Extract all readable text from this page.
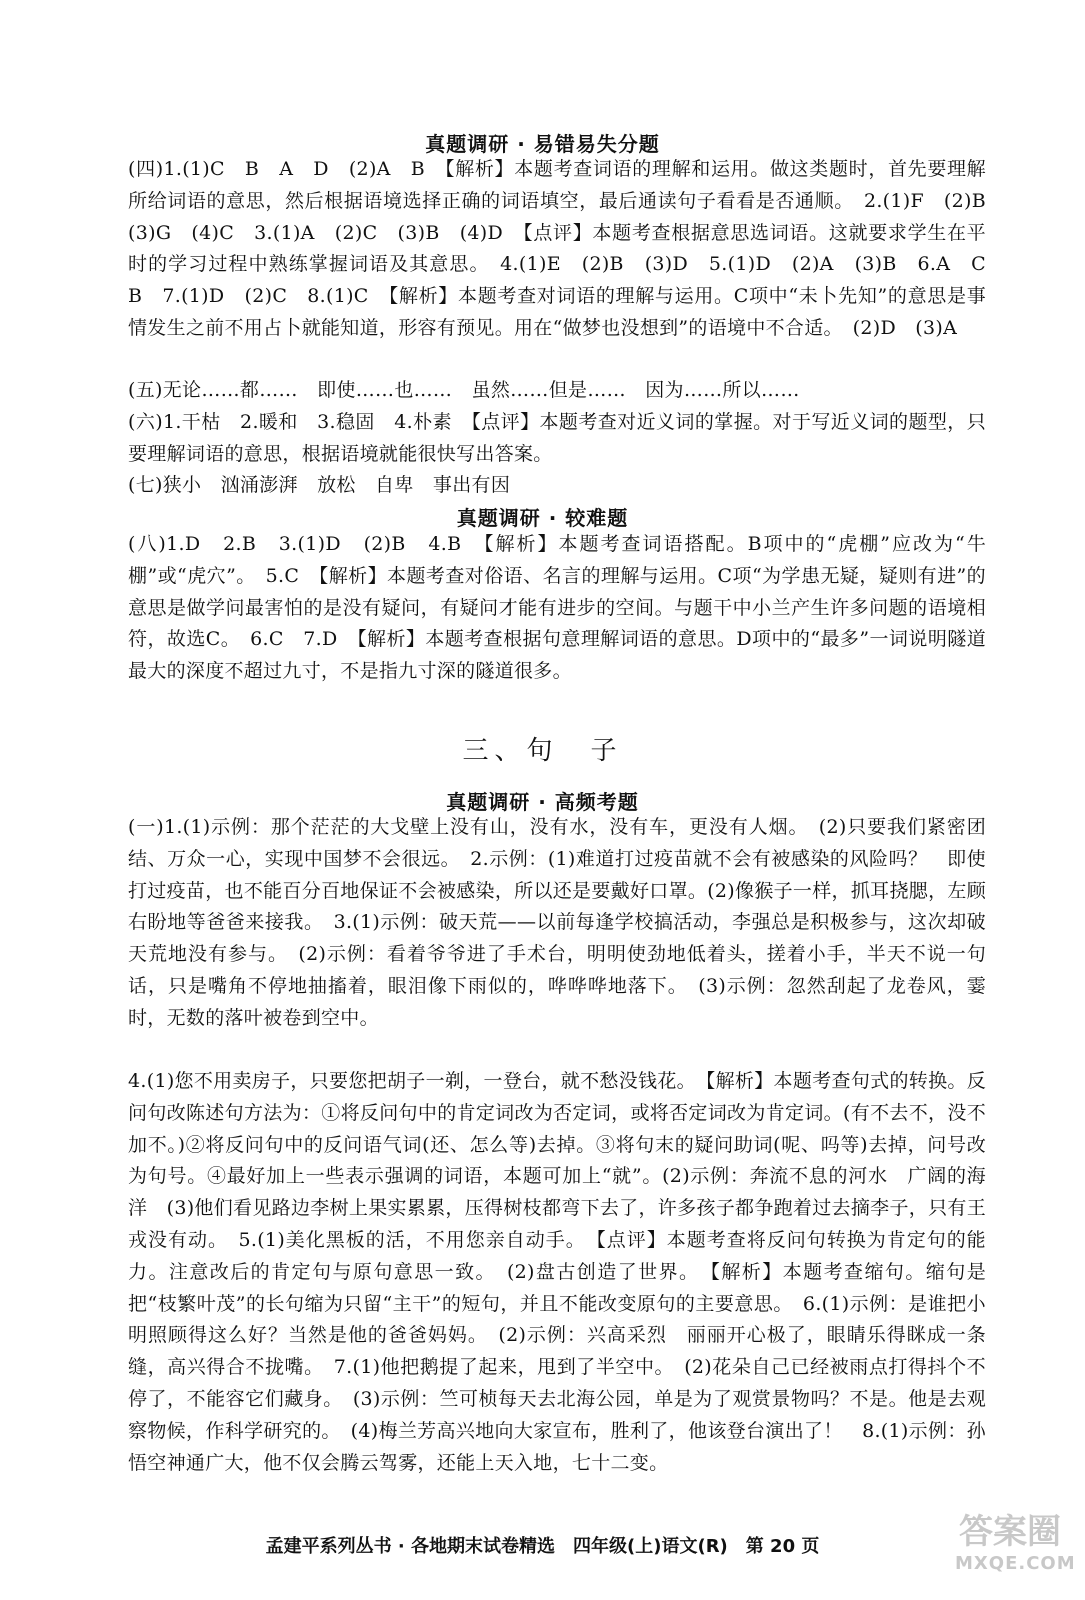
真题调研 · 易错易失分题
(四)1.(1)C　B　A　D　(2)A　B　【解析】本题考查词语的理解和运用。做这类题时，首先要理解所给词语的意思，然后根据语境选择正确的词语填空，最后通读句子看看是否通顺。　2.(1)F　(2)B　(3)G　(4)C　3.(1)A　(2)C　(3)B　(4)D　【点评】本题考查根据意思选词语。这就要求学生在平时的学习过程中熟练掌握词语及其意思。　4.(1)E　(2)B　(3)D　5.(1)D　(2)A　(3)B　6.A　C　B　7.(1)D　(2)C　8.(1)C　【解析】本题考查对词语的理解与运用。C项中“未卜先知”的意思是事情发生之前不用占卜就能知道，形容有预见。用在“做梦也没想到”的语境中不合适。　(2)D　(3)A
(五)无论……都……　即使……也……　虽然……但是……　因为……所以……
(六)1.干枯　2.暖和　3.稳固　4.朴素　【点评】本题考查对近义词的掌握。对于写近义词的题型，只要理解词语的意思，根据语境就能很快写出答案。
(七)狭小　汹涌澎湃　放松　自卑　事出有因
真题调研 · 较难题
(八)1.D　2.B　3.(1)D　(2)B　4.B　【解析】本题考查词语搭配。B项中的“虎棚”应改为“牛棚”或“虎穴”。　5.C　【解析】本题考查对俗语、名言的理解与运用。C项“为学患无疑，疑则有进”的意思是做学问最害怕的是没有疑问，有疑问才能有进步的空间。与题干中小兰产生许多问题的语境相符，故选C。　6.C　7.D　【解析】本题考查根据句意理解词语的意思。D项中的“最多”一词说明隧道最大的深度不超过九寸，不是指九寸深的隧道很多。
三、句　子
真题调研 · 高频考题
(一)1.(1)示例：那个茫茫的大戈壁上没有山，没有水，没有车，更没有人烟。　(2)只要我们紧密团结、万众一心，实现中国梦不会很远。　2.示例：(1)难道打过疫苗就不会有被感染的风险吗？　即使打过疫苗，也不能百分百地保证不会被感染，所以还是要戴好口罩。(2)像猴子一样，抓耳挠腮，左顾右盼地等爸爸来接我。　3.(1)示例：破天荒——以前每逢学校搞活动，李强总是积极参与，这次却破天荒地没有参与。　(2)示例：看着爷爷进了手术台，明明使劲地低着头，搓着小手，半天不说一句话，只是嘴角不停地抽搐着，眼泪像下雨似的，哗哗哗地落下。　(3)示例：忽然刮起了龙卷风，霎时，无数的落叶被卷到空中。
4.(1)您不用卖房子，只要您把胡子一剃，一登台，就不愁没钱花。　【解析】本题考查句式的转换。反问句改陈述句方法为：①将反问句中的肯定词改为否定词，或将否定词改为肯定词。(有不去不，没不加不。)②将反问句中的反问语气词(还、怎么等)去掉。③将句末的疑问助词(呢、吗等)去掉，问号改为句号。④最好加上一些表示强调的词语，本题可加上“就”。(2)示例：奔流不息的河水　广阔的海洋　(3)他们看见路边李树上果实累累，压得树枝都弯下去了，许多孩子都争跑着过去摘李子，只有王戎没有动。　5.(1)美化黑板的活，不用您亲自动手。　【点评】本题考查将反问句转换为肯定句的能力。注意改后的肯定句与原句意思一致。　(2)盘古创造了世界。　【解析】本题考查缩句。缩句是把“枝繁叶茂”的长句缩为只留“主干”的短句，并且不能改变原句的主要意思。　6.(1)示例：是谁把小明照顾得这么好？当然是他的爸爸妈妈。　(2)示例：兴高采烈　丽丽开心极了，眼睛乐得眯成一条缝，高兴得合不拢嘴。　7.(1)他把鹅提了起来，甩到了半空中。　(2)花朵自己已经被雨点打得抖个不停了，不能容它们藏身。　(3)示例：竺可桢每天去北海公园，单是为了观赏景物吗？不是。他是去观察物候，作科学研究的。　(4)梅兰芳高兴地向大家宣布，胜利了，他该登台演出了！　8.(1)示例：孙悟空神通广大，他不仅会腾云驾雾，还能上天入地，七十二变。
孟建平系列丛书 · 各地期末试卷精选　四年级(上)语文(R)　第 20 页	答案圈
MXQE.COM
